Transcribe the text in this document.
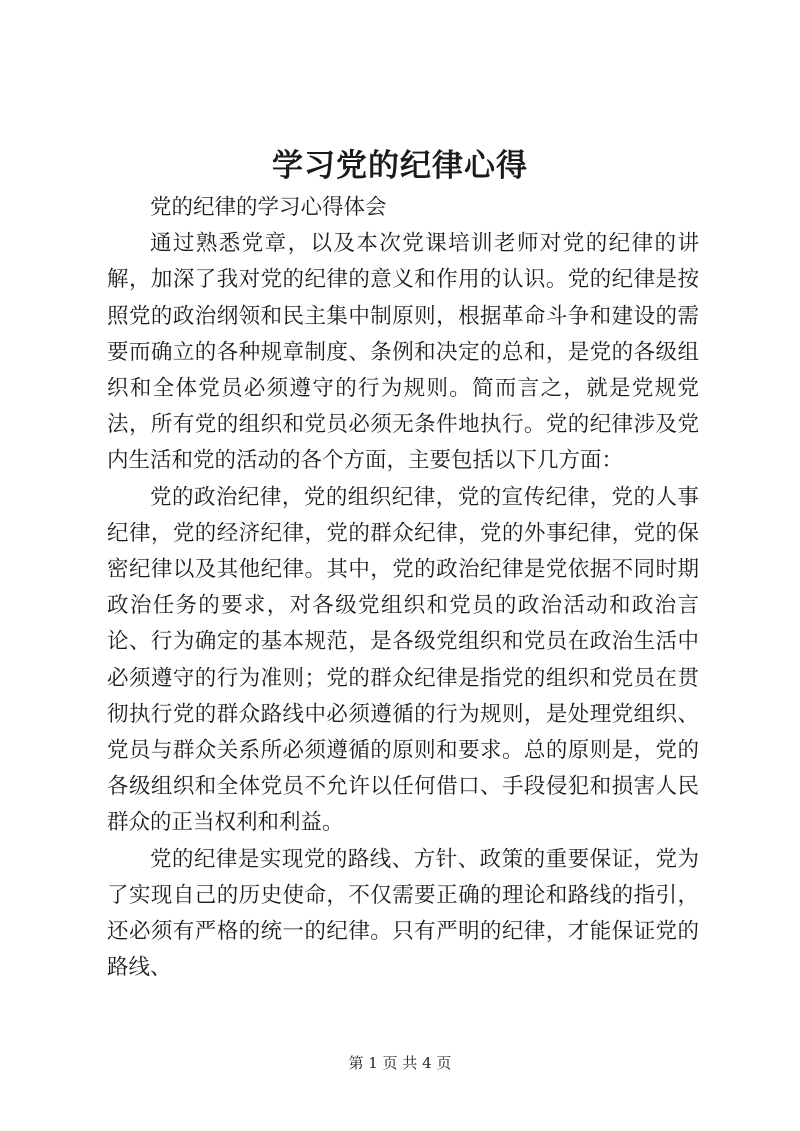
学习党的纪律心得

党的纪律的学习心得体会

通过熟悉党章，以及本次党课培训老师对党的纪律的讲解，加深了我对党的纪律的意义和作用的认识。党的纪律是按照党的政治纲领和民主集中制原则，根据革命斗争和建设的需要而确立的各种规章制度、条例和决定的总和，是党的各级组织和全体党员必须遵守的行为规则。简而言之，就是党规党法，所有党的组织和党员必须无条件地执行。党的纪律涉及党内生活和党的活动的各个方面，主要包括以下几方面：

党的政治纪律，党的组织纪律，党的宣传纪律，党的人事纪律，党的经济纪律，党的群众纪律，党的外事纪律，党的保密纪律以及其他纪律。其中，党的政治纪律是党依据不同时期政治任务的要求，对各级党组织和党员的政治活动和政治言论、行为确定的基本规范，是各级党组织和党员在政治生活中必须遵守的行为准则；党的群众纪律是指党的组织和党员在贯彻执行党的群众路线中必须遵循的行为规则，是处理党组织、党员与群众关系所必须遵循的原则和要求。总的原则是，党的各级组织和全体党员不允许以任何借口、手段侵犯和损害人民群众的正当权利和利益。

党的纪律是实现党的路线、方针、政策的重要保证，党为了实现自己的历史使命，不仅需要正确的理论和路线的指引，还必须有严格的统一的纪律。只有严明的纪律，才能保证党的路线、

第 1 页 共 4 页
